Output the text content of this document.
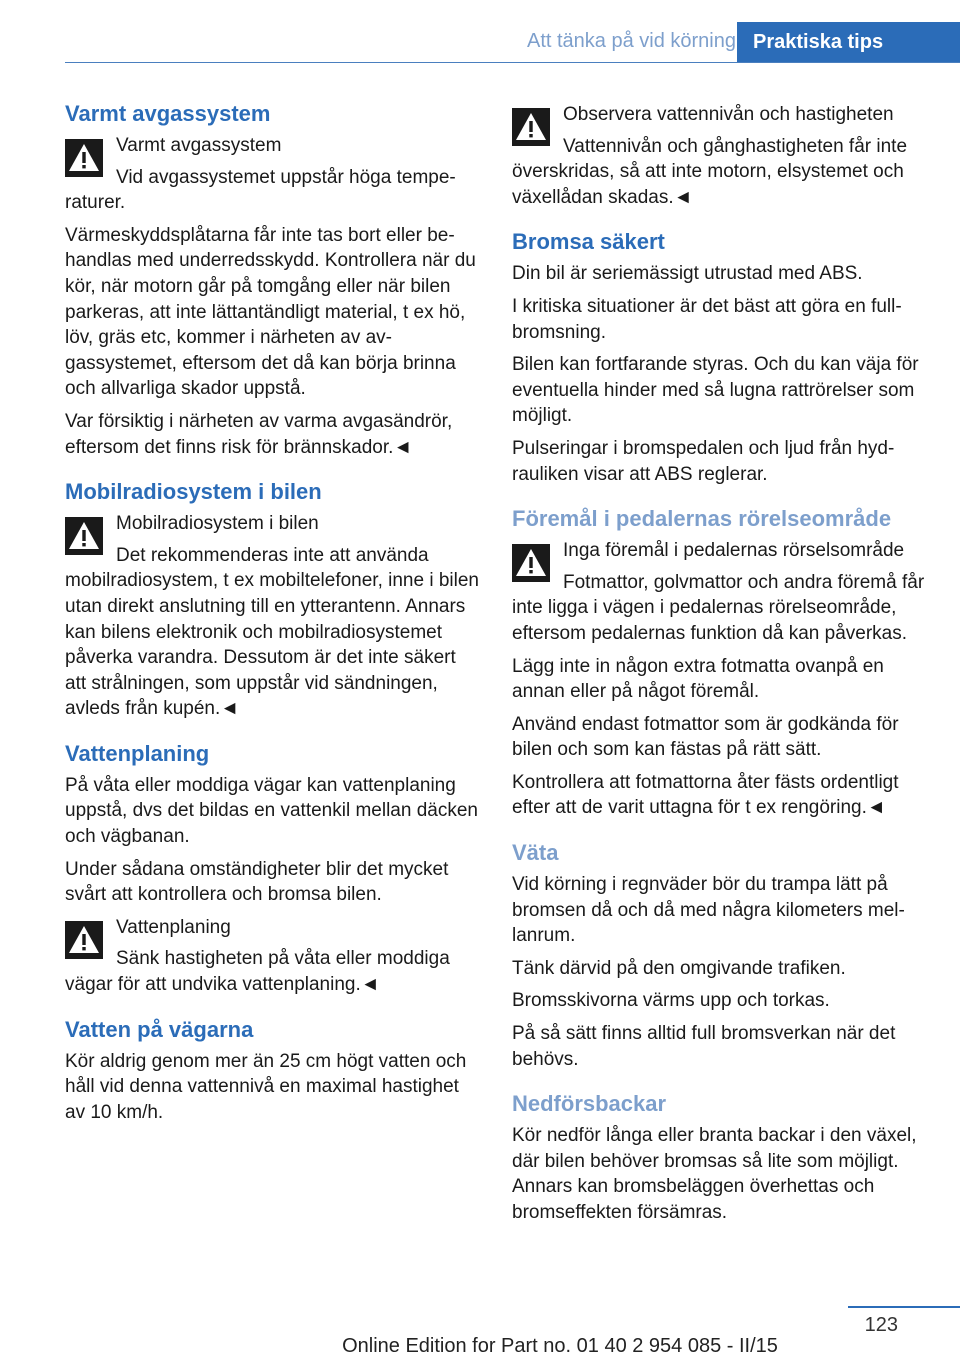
Att tänka på vid körning Praktiska tips
Varmt avgassystem

Varmt avgassystem

Vid avgassystemet uppstår höga temperaturer.

Värmeskyddsplåtarna får inte tas bort eller behandlas med underredsskydd. Kontrollera när du kör, när motorn går på tomgång eller när bilen parkeras, att inte lättantändligt material, t ex hö, löv, gräs etc, kommer i närheten av avgassystemet, eftersom det då kan börja brinna och allvarliga skador uppstå.

Var försiktig i närheten av varma avgasändrör, eftersom det finns risk för brännskador.◄

Mobilradiosystem i bilen

Mobilradiosystem i bilen

Det rekommenderas inte att använda mobilradiosystem, t ex mobiltelefoner, inne i bilen utan direkt anslutning till en ytterantenn. Annars kan bilens elektronik och mobilradiosystemet påverka varandra. Dessutom är det inte säkert att strålningen, som uppstår vid sändningen, avleds från kupén.◄

Vattenplaning

På våta eller moddiga vägar kan vattenplaning uppstå, dvs det bildas en vattenkil mellan däcken och vägbanan.

Under sådana omständigheter blir det mycket svårt att kontrollera och bromsa bilen.

Vattenplaning

Sänk hastigheten på våta eller moddiga vägar för att undvika vattenplaning.◄

Vatten på vägarna

Kör aldrig genom mer än 25 cm högt vatten och håll vid denna vattennivå en maximal hastighet av 10 km/h.

Observera vattennivån och hastigheten

Vattennivån och gånghastigheten får inte överskridas, så att inte motorn, elsystemet och växellådan skadas.◄

Bromsa säkert

Din bil är seriemässigt utrustad med ABS.

I kritiska situationer är det bäst att göra en fullbromsning.

Bilen kan fortfarande styras. Och du kan väja för eventuella hinder med så lugna rattrörelser som möjligt.

Pulseringar i bromspedalen och ljud från hydrauliken visar att ABS reglerar.

Föremål i pedalernas rörelseområde

Inga föremål i pedalernas rörselsområde

Fotmattor, golvmattor och andra föremå får inte ligga i vägen i pedalernas rörelseområde, eftersom pedalernas funktion då kan påverkas.

Lägg inte in någon extra fotmatta ovanpå en annan eller på något föremål.

Använd endast fotmattor som är godkända för bilen och som kan fästas på rätt sätt.

Kontrollera att fotmattorna åter fästs ordentligt efter att de varit uttagna för t ex rengöring.◄

Väta

Vid körning i regnväder bör du trampa lätt på bromsen då och då med några kilometers mellanrum.

Tänk därvid på den omgivande trafiken.

Bromsskivorna värms upp och torkas.

På så sätt finns alltid full bromsverkan när det behövs.

Nedförsbackar

Kör nedför långa eller branta backar i den växel, där bilen behöver bromsas så lite som möjligt. Annars kan bromsbeläggen överhettas och bromseffekten försämras.

123
Online Edition for Part no. 01 40 2 954 085 - II/15
